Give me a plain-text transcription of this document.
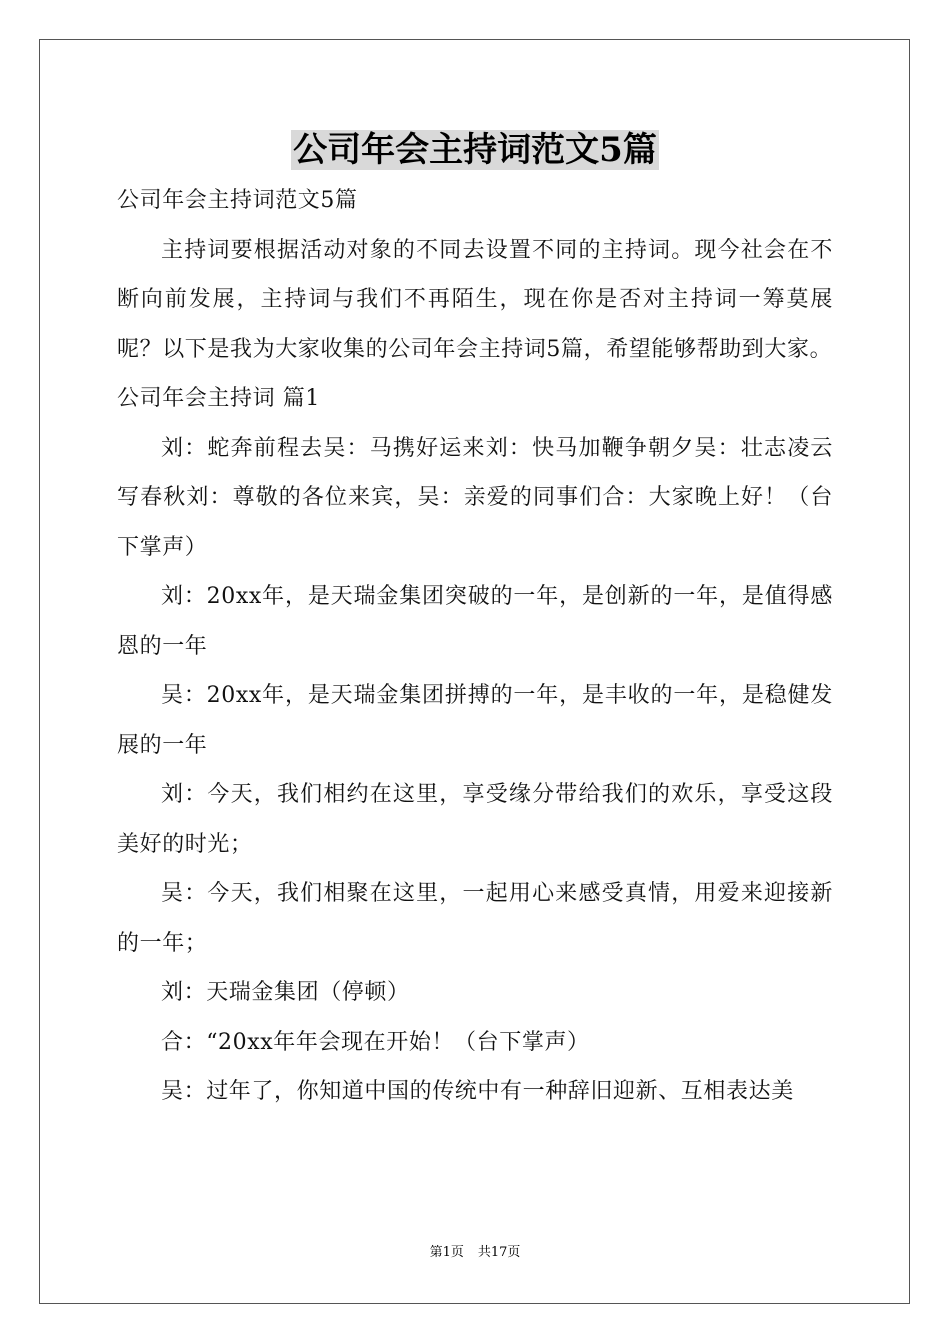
公司年会主持词范文5篇

公司年会主持词范文5篇

主持词要根据活动对象的不同去设置不同的主持词。现今社会在不断向前发展，主持词与我们不再陌生，现在你是否对主持词一筹莫展呢？以下是我为大家收集的公司年会主持词5篇，希望能够帮助到大家。

公司年会主持词 篇1

刘：蛇奔前程去吴：马携好运来刘：快马加鞭争朝夕吴：壮志凌云写春秋刘：尊敬的各位来宾，吴：亲爱的同事们合：大家晚上好！（台下掌声）

刘：20xx年，是天瑞金集团突破的一年，是创新的一年，是值得感恩的一年

吴：20xx年，是天瑞金集团拼搏的一年，是丰收的一年，是稳健发展的一年

刘：今天，我们相约在这里，享受缘分带给我们的欢乐，享受这段美好的时光；

吴：今天，我们相聚在这里，一起用心来感受真情，用爱来迎接新的一年；

刘：天瑞金集团（停顿）

合：“20xx年年会现在开始！（台下掌声）

吴：过年了，你知道中国的传统中有一种辞旧迎新、互相表达美

第1页 共17页
